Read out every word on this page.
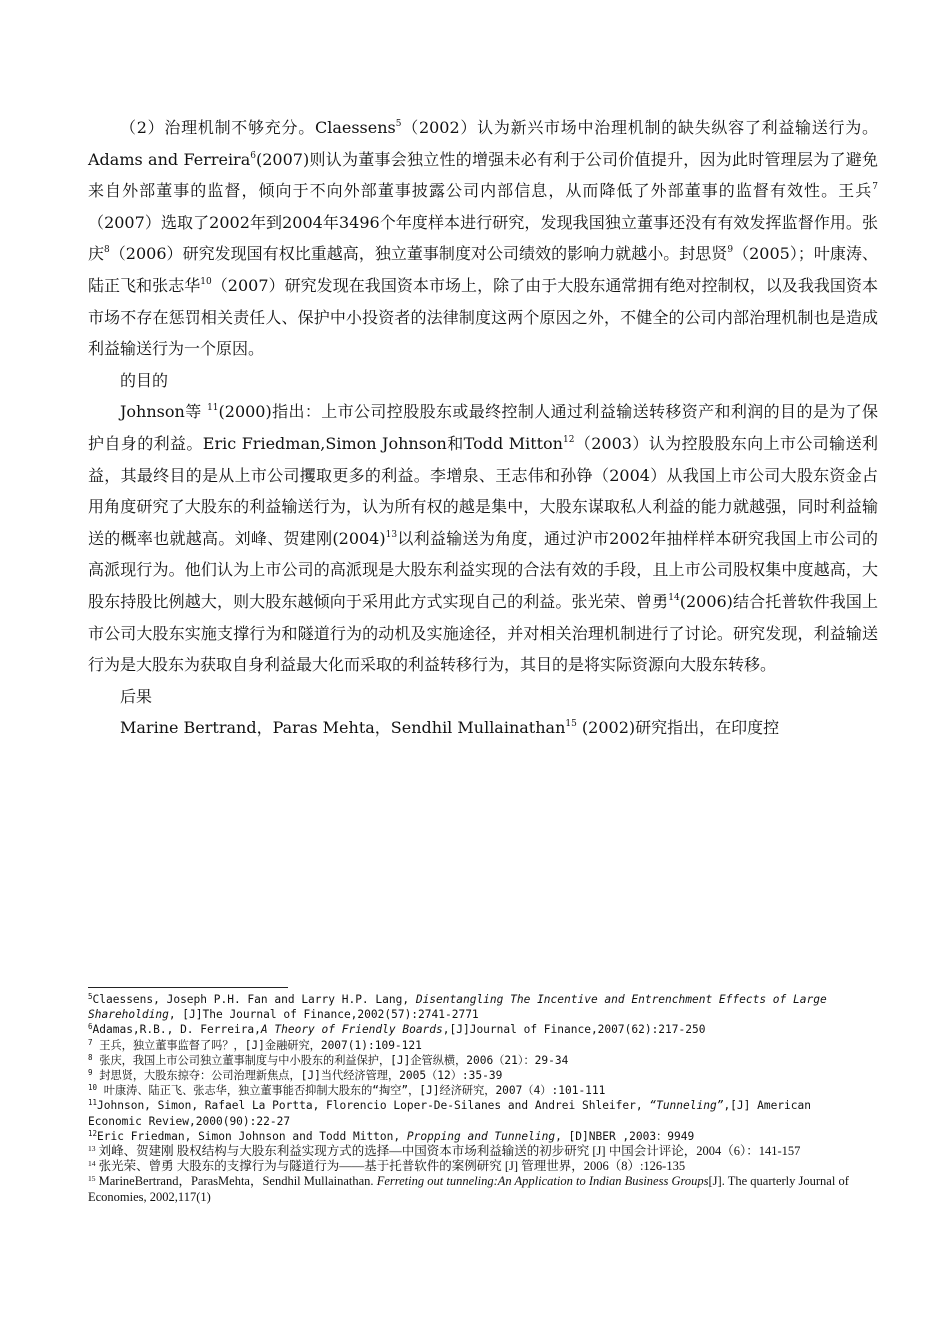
（2）治理机制不够充分。Claessens$^5$（2002）认为新兴市场中治理机制的缺失纵容了利益输送行为。Adams and Ferreira$^6$(2007)则认为董事会独立性的增强未必有利于公司价值提升，因为此时管理层为了避免来自外部董事的监督，倾向于不向外部董事披露公司内部信息，从而降低了外部董事的监督有效性。王兵$^7$（2007）选取了2002年到2004年3496个年度样本进行研究，发现我国独立董事还没有有效发挥监督作用。张庆$^8$（2006）研究发现国有权比重越高，独立董事制度对公司绩效的影响力就越小。封思贤$^9$（2005）；叶康涛、陆正飞和张志华$^{10}$（2007）研究发现在我国资本市场上，除了由于大股东通常拥有绝对控制权，以及我我国资本市场不存在惩罚相关责任人、保护中小投资者的法律制度这两个原因之外，不健全的公司内部治理机制也是造成利益输送行为一个原因。

的目的

Johnson等 $^{11}$(2000)指出：上市公司控股股东或最终控制人通过利益输送转移资产和利润的目的是为了保护自身的利益。Eric Friedman,Simon Johnson和Todd Mitton$^{12}$（2003）认为控股股东向上市公司输送利益，其最终目的是从上市公司攫取更多的利益。李增泉、王志伟和孙铮（2004）从我国上市公司大股东资金占用角度研究了大股东的利益输送行为，认为所有权的越是集中，大股东谋取私人利益的能力就越强，同时利益输送的概率也就越高。刘峰、贺建刚$(2004)^{13}$以利益输送为角度，通过沪市2002年抽样样本研究我国上市公司的高派现行为。他们认为上市公司的高派现是大股东利益实现的合法有效的手段，且上市公司股权集中度越高，大股东持股比例越大，则大股东越倾向于采用此方式实现自己的利益。张光荣、曾勇$^{14}$(2006)结合托普软件我国上市公司大股东实施支撑行为和隧道行为的动机及实施途径，并对相关治理机制进行了讨论。研究发现，利益输送行为是大股东为获取自身利益最大化而采取的利益转移行为，其目的是将实际资源向大股东转移。

后果

Marine Bertrand，Paras Mehta，Sendhil Mullainathan$^{15}$ (2002)研究指出，在印度控

$^5$Claessens, Joseph P.H. Fan and Larry H.P. Lang, Disentangling The Incentive and Entrenchment Effects of Large Shareholding, [J]The Journal of Finance,2002(57):2741-2771

$^6$Adamas,R.B., D. Ferreira,A Theory of Friendly Boards,[J]Journal of Finance,2007(62):217-250

$^7$ 王兵，独立董事监督了吗？，[J]金融研究，2007(1):109-121

$^8$ 张庆，我国上市公司独立董事制度与中小股东的利益保护，[J]企管纵横，2006（21）：29-34

$^9$ 封思贤，大股东掠夺：公司治理新焦点，[J]当代经济管理，2005（12）:35-39

$^{10}$ 叶康涛、陆正飞、张志华，独立董事能否抑制大股东的“掏空”，[J]经济研究，2007（4）:101-111

$^{11}$Johnson, Simon, Rafael La Portta, Florencio Loper-De-Silanes and Andrei Shleifer, “Tunneling”,[J] American Economic Review,2000(90):22-27

$^{12}$Eric Friedman, Simon Johnson and Todd Mitton, Propping and Tunneling, [D]NBER ,2003：9949

$^{13}$ 刘峰、贺建刚 股权结构与大股东利益实现方式的选择—中国资本市场利益输送的初步研究 [J] 中国会计评论，2004（6）：141-157

$^{14}$ 张光荣、曾勇 大股东的支撑行为与隧道行为——基于托普软件的案例研究 [J] 管理世界，2006（8）:126-135

$^{15}$ MarineBertrand，ParasMehta，Sendhil Mullainathan. Ferreting out tunneling:An Application to Indian Business Groups[J]. The quarterly Journal of Economies, 2002,117(1)
